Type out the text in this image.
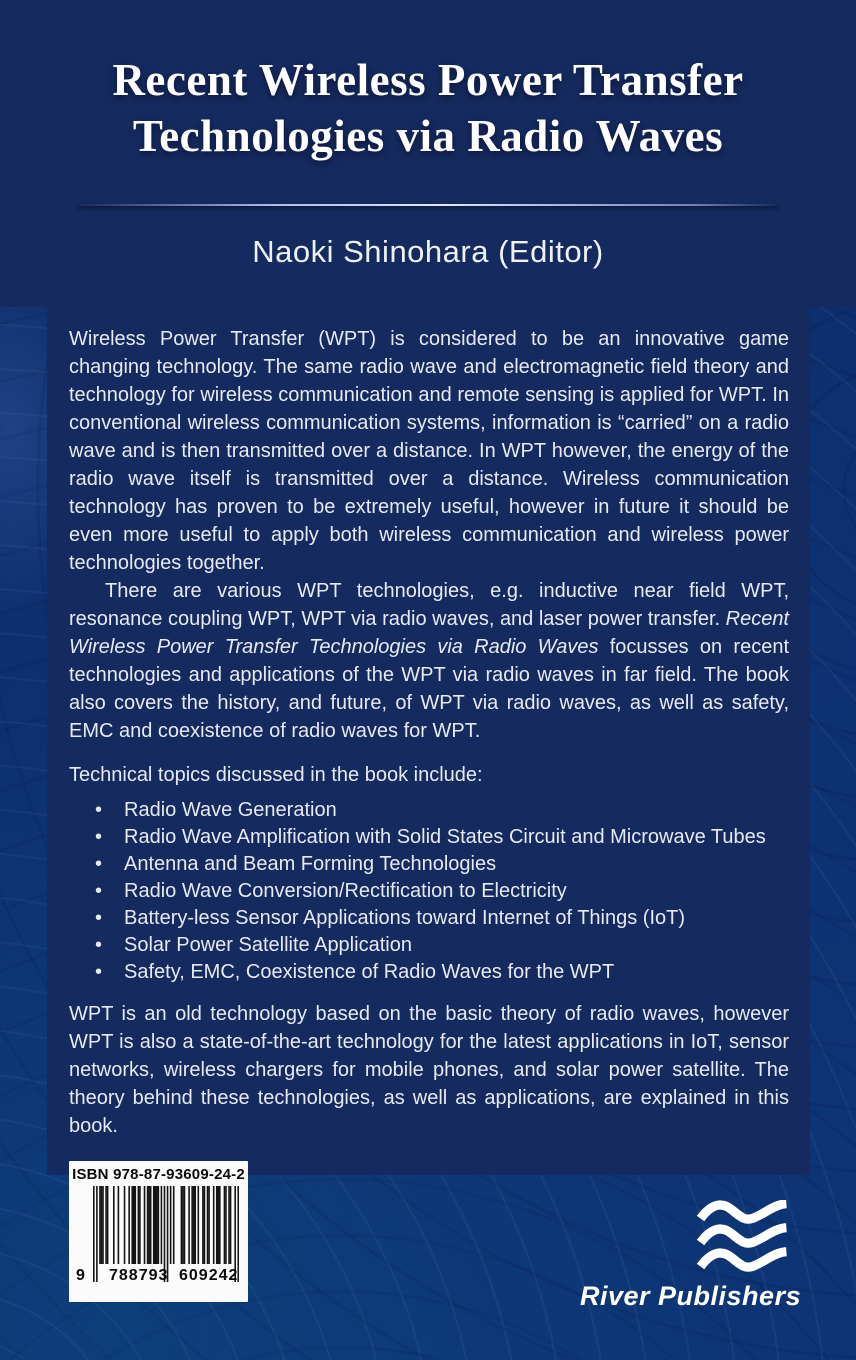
Wireless Power Transfer (WPT) is considered to be an innovative game changing technology. The same radio wave and electromagnetic field theory and technology for wireless communication and remote sensing is applied for WPT. In conventional wireless communication systems, information is “carried” on a radio wave and is then transmitted over a distance. In WPT however, the energy of the radio wave itself is transmitted over a distance. Wireless communication technology has proven to be extremely useful, however in future it should be even more useful to apply both wireless communication and wireless power technologies together.

There are various WPT technologies, e.g. inductive near field WPT, resonance coupling WPT, WPT via radio waves, and laser power transfer. Recent Wireless Power Transfer Technologies via Radio Waves focusses on recent technologies and applications of the WPT via radio waves in far field. The book also covers the history, and future, of WPT via radio waves, as well as safety, EMC and coexistence of radio waves for WPT.

Technical topics discussed in the book include:

• Radio Wave Generation
• Radio Wave Amplification with Solid States Circuit and Microwave Tubes
• Antenna and Beam Forming Technologies
• Radio Wave Conversion/Rectification to Electricity
• Battery-less Sensor Applications toward Internet of Things (IoT)
• Solar Power Satellite Application
• Safety, EMC, Coexistence of Radio Waves for the WPT

WPT is an old technology based on the basic theory of radio waves, however WPT is also a state-of-the-art technology for the latest applications in IoT, sensor networks, wireless chargers for mobile phones, and solar power satellite. The theory behind these technologies, as well as applications, are explained in this book.

Recent Wireless Power Transfer
Technologies via Radio Waves
Naoki Shinohara (Editor)
ISBN 978-87-93609-24-2
9 788793 609242
River Publishers
